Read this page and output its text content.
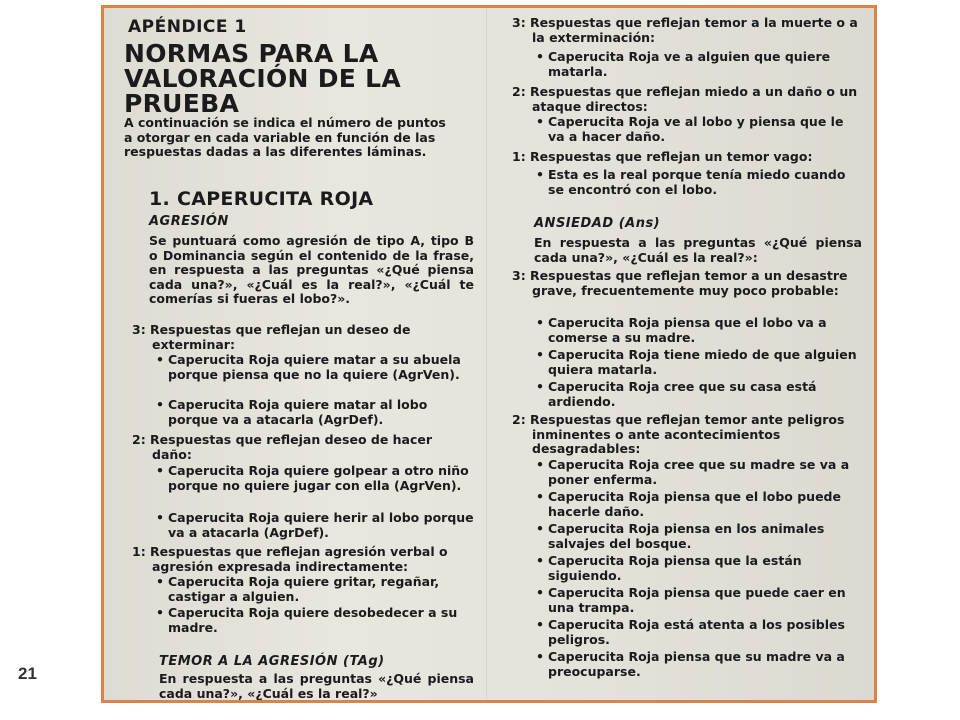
21
APÉNDICE 1
NORMAS PARA LA
VALORACIÓN DE LA
PRUEBA
A continuación se indica el número de puntos a otorgar en cada variable en función de las respuestas dadas a las diferentes láminas.
1. CAPERUCITA ROJA
AGRESIÓN
Se puntuará como agresión de tipo A, tipo B o Dominancia según el contenido de la frase, en respuesta a las preguntas «¿Qué piensa cada una?», «¿Cuál es la real?», «¿Cuál te comerías si fueras el lobo?».
3: Respuestas que reflejan un deseo de exterminar:
• Caperucita Roja quiere matar a su abuela porque piensa que no la quiere (AgrVen).
• Caperucita Roja quiere matar al lobo porque va a atacarla (AgrDef).
2: Respuestas que reflejan deseo de hacer daño:
• Caperucita Roja quiere golpear a otro niño porque no quiere jugar con ella (AgrVen).
• Caperucita Roja quiere herir al lobo porque va a atacarla (AgrDef).
1: Respuestas que reflejan agresión verbal o agresión expresada indirectamente:
• Caperucita Roja quiere gritar, regañar, castigar a alguien.
• Caperucita Roja quiere desobedecer a su madre.
TEMOR A LA AGRESIÓN (TAg)
En respuesta a las preguntas «¿Qué piensa cada una?», «¿Cuál es la real?»
3: Respuestas que reflejan temor a la muerte o a la exterminación:
• Caperucita Roja ve a alguien que quiere matarla.
2: Respuestas que reflejan miedo a un daño o un ataque directos:
• Caperucita Roja ve al lobo y piensa que le va a hacer daño.
1: Respuestas que reflejan un temor vago:
• Esta es la real porque tenía miedo cuando se encontró con el lobo.
ANSIEDAD (Ans)
En respuesta a las preguntas «¿Qué piensa cada una?», «¿Cuál es la real?»:
3: Respuestas que reflejan temor a un desastre grave, frecuentemente muy poco probable:
• Caperucita Roja piensa que el lobo va a comerse a su madre.
• Caperucita Roja tiene miedo de que alguien quiera matarla.
• Caperucita Roja cree que su casa está ardiendo.
2: Respuestas que reflejan temor ante peligros inminentes o ante acontecimientos desagradables:
• Caperucita Roja cree que su madre se va a poner enferma.
• Caperucita Roja piensa que el lobo puede hacerle daño.
• Caperucita Roja piensa en los animales salvajes del bosque.
• Caperucita Roja piensa que la están siguiendo.
• Caperucita Roja piensa que puede caer en una trampa.
• Caperucita Roja está atenta a los posibles peligros.
• Caperucita Roja piensa que su madre va a preocuparse.
